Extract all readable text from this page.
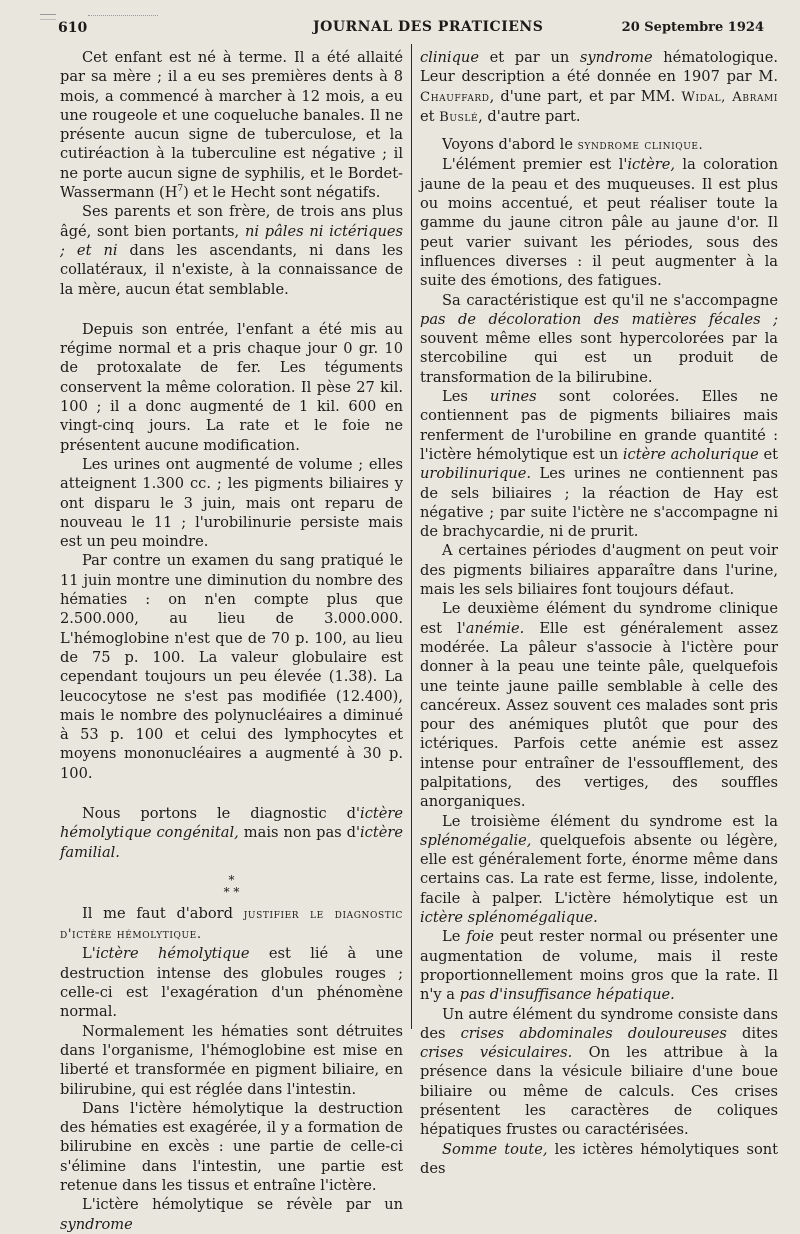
610	JOURNAL DES PRATICIENS	20 Septembre 1924

Cet enfant est né à terme. Il a été allaité par sa mère ; il a eu ses premières dents à 8 mois, a commencé à marcher à 12 mois, a eu une rougeole et une coqueluche banales. Il ne présente aucun signe de tuberculose, et la cutiréaction à la tuberculine est négative ; il ne porte aucun signe de syphilis, et le Bordet-Wassermann $(H^7)$ et le Hecht sont négatifs.

Ses parents et son frère, de trois ans plus âgé, sont bien portants, ni pâles ni ictériques ; et ni dans les ascendants, ni dans les collatéraux, il n'existe, à la connaissance de la mère, aucun état semblable.

Depuis son entrée, l'enfant a été mis au régime normal et a pris chaque jour 0 gr. 10 de protoxalate de fer. Les téguments conservent la même coloration. Il pèse 27 kil. 100 ; il a donc augmenté de 1 kil. 600 en vingt-cinq jours. La rate et le foie ne présentent aucune modification.

Les urines ont augmenté de volume ; elles atteignent 1.300 cc. ; les pigments biliaires y ont disparu le 3 juin, mais ont reparu de nouveau le 11 ; l'urobilinurie persiste mais est un peu moindre.

Par contre un examen du sang pratiqué le 11 juin montre une diminution du nombre des hématies : on n'en compte plus que 2.500.000, au lieu de 3.000.000. L'hémoglobine n'est que de 70 p. 100, au lieu de 75 p. 100. La valeur globulaire est cependant toujours un peu élevée (1.38). La leucocytose ne s'est pas modifiée (12.400), mais le nombre des polynucléaires a diminué à 53 p. 100 et celui des lymphocytes et moyens mononucléaires a augmenté à 30 p. 100.

Nous portons le diagnostic d'ictère hémolytique congénital, mais non pas d'ictère familial.

*
* *

Il me faut d'abord justifier le diagnostic d'ictère hémolytique.

L'ictère hémolytique est lié à une destruction intense des globules rouges ; celle-ci est l'exagération d'un phénomène normal.

Normalement les hématies sont détruites dans l'organisme, l'hémoglobine est mise en liberté et transformée en pigment biliaire, en bilirubine, qui est réglée dans l'intestin.

Dans l'ictère hémolytique la destruction des hématies est exagérée, il y a formation de bilirubine en excès : une partie de celle-ci s'élimine dans l'intestin, une partie est retenue dans les tissus et entraîne l'ictère.

L'ictère hémolytique se révèle par un syndrome

clinique et par un syndrome hématologique. Leur description a été donnée en 1907 par M. Chauffard, d'une part, et par MM. Widal, Abrami et Buslé, d'autre part.

Voyons d'abord le syndrome clinique.

L'élément premier est l'ictère, la coloration jaune de la peau et des muqueuses. Il est plus ou moins accentué, et peut réaliser toute la gamme du jaune citron pâle au jaune d'or. Il peut varier suivant les périodes, sous des influences diverses : il peut augmenter à la suite des émotions, des fatigues.

Sa caractéristique est qu'il ne s'accompagne pas de décoloration des matières fécales ; souvent même elles sont hypercolorées par la stercobiline qui est un produit de transformation de la bilirubine.

Les urines sont colorées. Elles ne contiennent pas de pigments biliaires mais renferment de l'urobiline en grande quantité : l'ictère hémolytique est un ictère acholurique et urobilinurique. Les urines ne contiennent pas de sels biliaires ; la réaction de Hay est négative ; par suite l'ictère ne s'accompagne ni de brachycardie, ni de prurit.

A certaines périodes d'augment on peut voir des pigments biliaires apparaître dans l'urine, mais les sels biliaires font toujours défaut.

Le deuxième élément du syndrome clinique est l'anémie. Elle est généralement assez modérée. La pâleur s'associe à l'ictère pour donner à la peau une teinte pâle, quelquefois une teinte jaune paille semblable à celle des cancéreux. Assez souvent ces malades sont pris pour des anémiques plutôt que pour des ictériques. Parfois cette anémie est assez intense pour entraîner de l'essoufflement, des palpitations, des vertiges, des souffles anorganiques.

Le troisième élément du syndrome est la splénomégalie, quelquefois absente ou légère, elle est généralement forte, énorme même dans certains cas. La rate est ferme, lisse, indolente, facile à palper. L'ictère hémolytique est un ictère splénomégalique.

Le foie peut rester normal ou présenter une augmentation de volume, mais il reste proportionnellement moins gros que la rate. Il n'y a pas d'insuffisance hépatique.

Un autre élément du syndrome consiste dans des crises abdominales douloureuses dites crises vésiculaires. On les attribue à la présence dans la vésicule biliaire d'une boue biliaire ou même de calculs. Ces crises présentent les caractères de coliques hépatiques frustes ou caractérisées.

Somme toute, les ictères hémolytiques sont des
